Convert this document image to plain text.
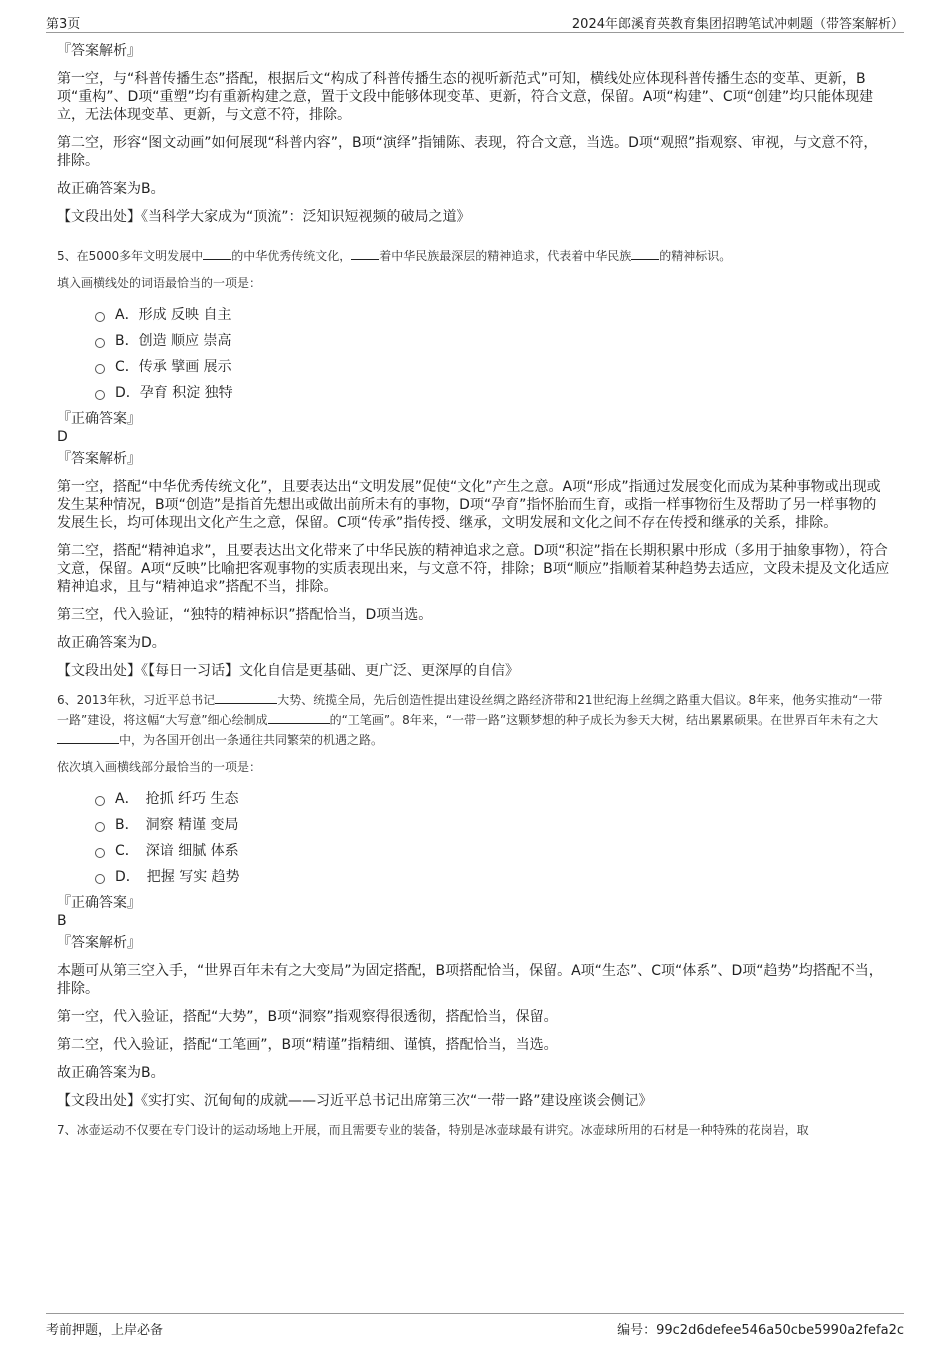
第3页	2024年郎溪育英教育集团招聘笔试冲刺题（带答案解析）

『答案解析』

第一空，与“科普传播生态”搭配，根据后文“构成了科普传播生态的视听新范式”可知，横线处应体现科普传播生态的变革、更新，B项“重构”、D项“重塑”均有重新构建之意，置于文段中能够体现变革、更新，符合文意，保留。A项“构建”、C项“创建”均只能体现建立，无法体现变革、更新，与文意不符，排除。

第二空，形容“图文动画”如何展现“科普内容”，B项“演绎”指铺陈、表现，符合文意，当选。D项“观照”指观察、审视，与文意不符，排除。

故正确答案为B。

【文段出处】《当科学大家成为“顶流”：泛知识短视频的破局之道》

5、在5000多年文明发展中 的中华优秀传统文化， 着中华民族最深层的精神追求，代表着中华民族 的精神标识。

填入画横线处的词语最恰当的一项是：

A．形成 反映 自主
B．创造 顺应 崇高
C．传承 擘画 展示
D．孕育 积淀 独特

『正确答案』

D

『答案解析』

第一空，搭配“中华优秀传统文化”，且要表达出“文明发展”促使“文化”产生之意。A项“形成”指通过发展变化而成为某种事物或出现或发生某种情况，B项“创造”是指首先想出或做出前所未有的事物，D项“孕育”指怀胎而生育，或指一样事物衍生及帮助了另一样事物的发展生长，均可体现出文化产生之意，保留。C项“传承”指传授、继承，文明发展和文化之间不存在传授和继承的关系，排除。

第二空，搭配“精神追求”，且要表达出文化带来了中华民族的精神追求之意。D项“积淀”指在长期积累中形成（多用于抽象事物），符合文意，保留。A项“反映”比喻把客观事物的实质表现出来，与文意不符，排除；B项“顺应”指顺着某种趋势去适应，文段未提及文化适应精神追求，且与“精神追求”搭配不当，排除。

第三空，代入验证，“独特的精神标识”搭配恰当，D项当选。

故正确答案为D。

【文段出处】《【每日一习话】文化自信是更基础、更广泛、更深厚的自信》

6、2013年秋，习近平总书记	大势、统揽全局，先后创造性提出建设丝绸之路经济带和21世纪海上丝绸之路重大倡议。8年来，他务实推动“一带一路”建设，将这幅“大写意”细心绘制成	的“工笔画”。8年来，“一带一路”这颗梦想的种子成长为参天大树，结出累累硕果。在世界百年未有之大中，为各国开创出一条通往共同繁荣的机遇之路。

依次填入画横线部分最恰当的一项是：

A．　抢抓 纤巧 生态
B．　洞察 精谨 变局
C．　深谙 细腻 体系
D．　把握 写实 趋势

『正确答案』

B

『答案解析』

本题可从第三空入手，“世界百年未有之大变局”为固定搭配，B项搭配恰当，保留。A项“生态”、C项“体系”、D项“趋势”均搭配不当，排除。

第一空，代入验证，搭配“大势”，B项“洞察”指观察得很透彻，搭配恰当，保留。

第二空，代入验证，搭配“工笔画”，B项“精谨”指精细、谨慎，搭配恰当，当选。

故正确答案为B。

【文段出处】《实打实、沉甸甸的成就——习近平总书记出席第三次“一带一路”建设座谈会侧记》

7、冰壶运动不仅要在专门设计的运动场地上开展，而且需要专业的装备，特别是冰壶球最有讲究。冰壶球所用的石材是一种特殊的花岗岩，取

考前押题，上岸必备	编号：99c2d6defee546a50cbe5990a2fefa2c
